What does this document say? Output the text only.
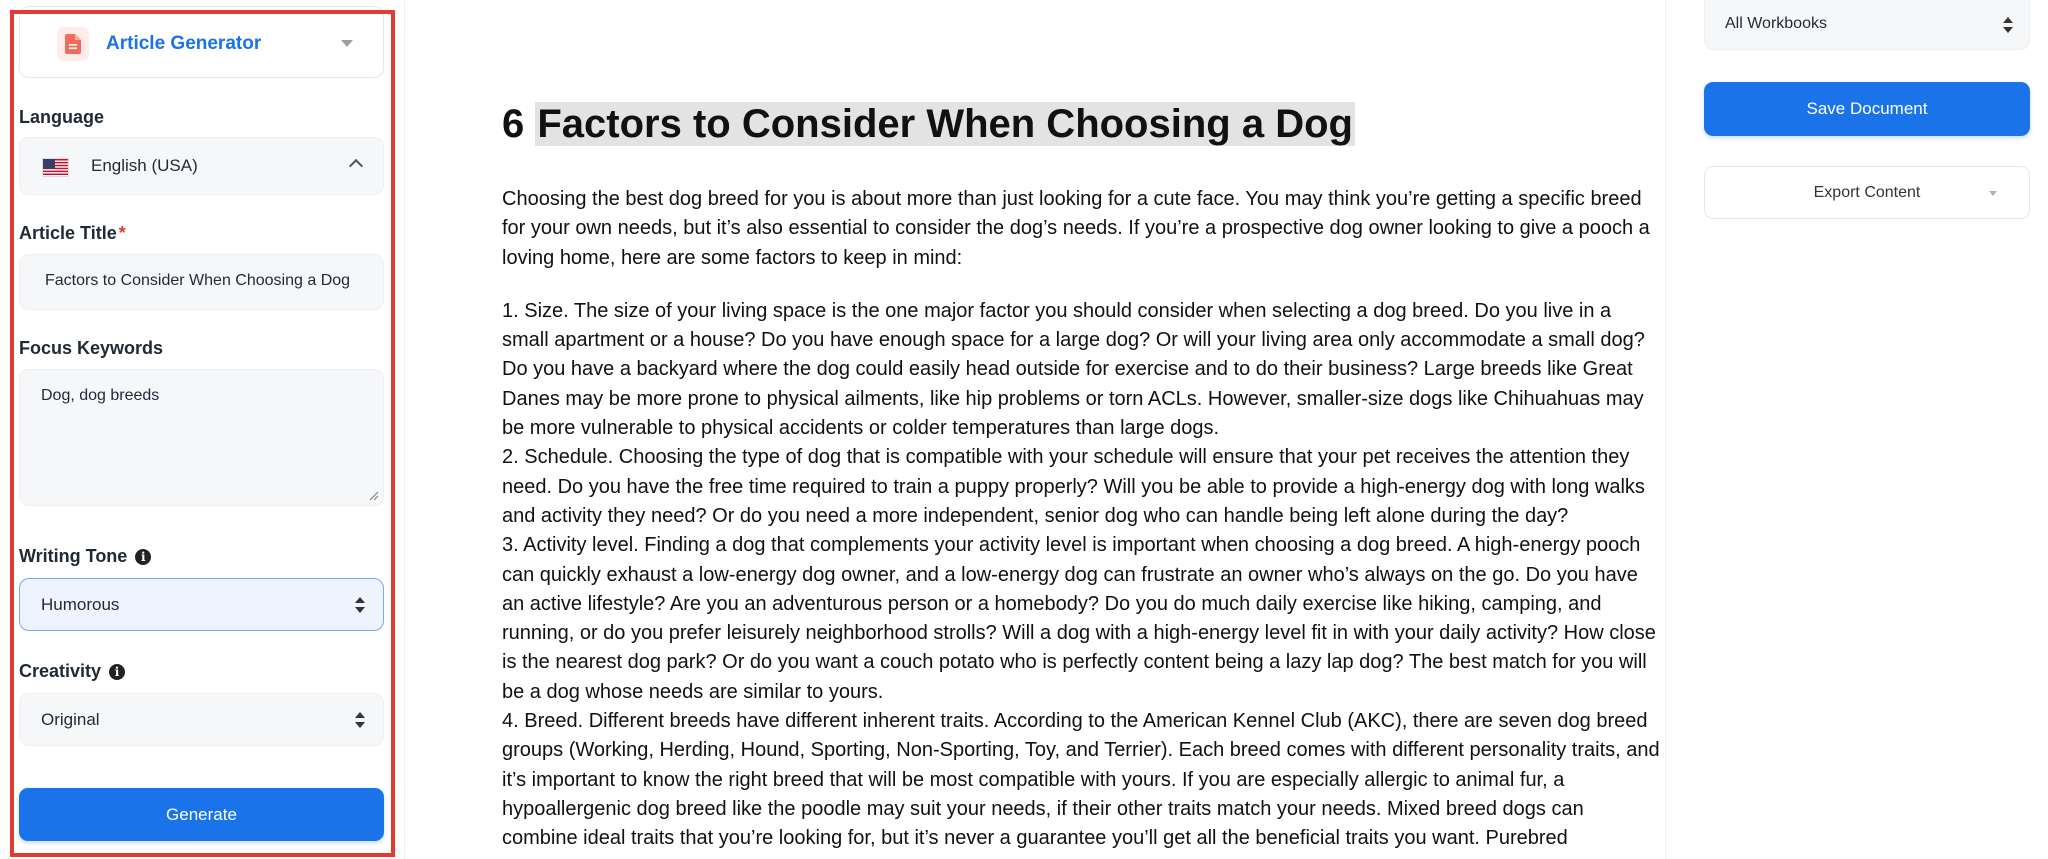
Article Generator
Language
English (USA)
Article Title *
Factors to Consider When Choosing a Dog
Focus Keywords
Dog, dog breeds
Writing Tone i
Humorous
Creativity i
Original
Generate
6 Factors to Consider When Choosing a Dog

Choosing the best dog breed for you is about more than just looking for a cute face. You may think you’re getting a specific breed for your own needs, but it’s also essential to consider the dog’s needs. If you’re a prospective dog owner looking to give a pooch a loving home, here are some factors to keep in mind:

1. Size. The size of your living space is the one major factor you should consider when selecting a dog breed. Do you live in a small apartment or a house? Do you have enough space for a large dog? Or will your living area only accommodate a small dog? Do you have a backyard where the dog could easily head outside for exercise and to do their business? Large breeds like Great Danes may be more prone to physical ailments, like hip problems or torn ACLs. However, smaller-size dogs like Chihuahuas may be more vulnerable to physical accidents or colder temperatures than large dogs.
2. Schedule. Choosing the type of dog that is compatible with your schedule will ensure that your pet receives the attention they need. Do you have the free time required to train a puppy properly? Will you be able to provide a high-energy dog with long walks and activity they need? Or do you need a more independent, senior dog who can handle being left alone during the day?
3. Activity level. Finding a dog that complements your activity level is important when choosing a dog breed. A high-energy pooch can quickly exhaust a low-energy dog owner, and a low-energy dog can frustrate an owner who’s always on the go. Do you have an active lifestyle? Are you an adventurous person or a homebody? Do you do much daily exercise like hiking, camping, and running, or do you prefer leisurely neighborhood strolls? Will a dog with a high-energy level fit in with your daily activity? How close is the nearest dog park? Or do you want a couch potato who is perfectly content being a lazy lap dog? The best match for you will be a dog whose needs are similar to yours.
4. Breed. Different breeds have different inherent traits. According to the American Kennel Club (AKC), there are seven dog breed groups (Working, Herding, Hound, Sporting, Non-Sporting, Toy, and Terrier). Each breed comes with different personality traits, and it’s important to know the right breed that will be most compatible with yours. If you are especially allergic to animal fur, a hypoallergenic dog breed like the poodle may suit your needs, if their other traits match your needs. Mixed breed dogs can combine ideal traits that you’re looking for, but it’s never a guarantee you’ll get all the beneficial traits you want. Purebred
All Workbooks
Save Document
Export Content
